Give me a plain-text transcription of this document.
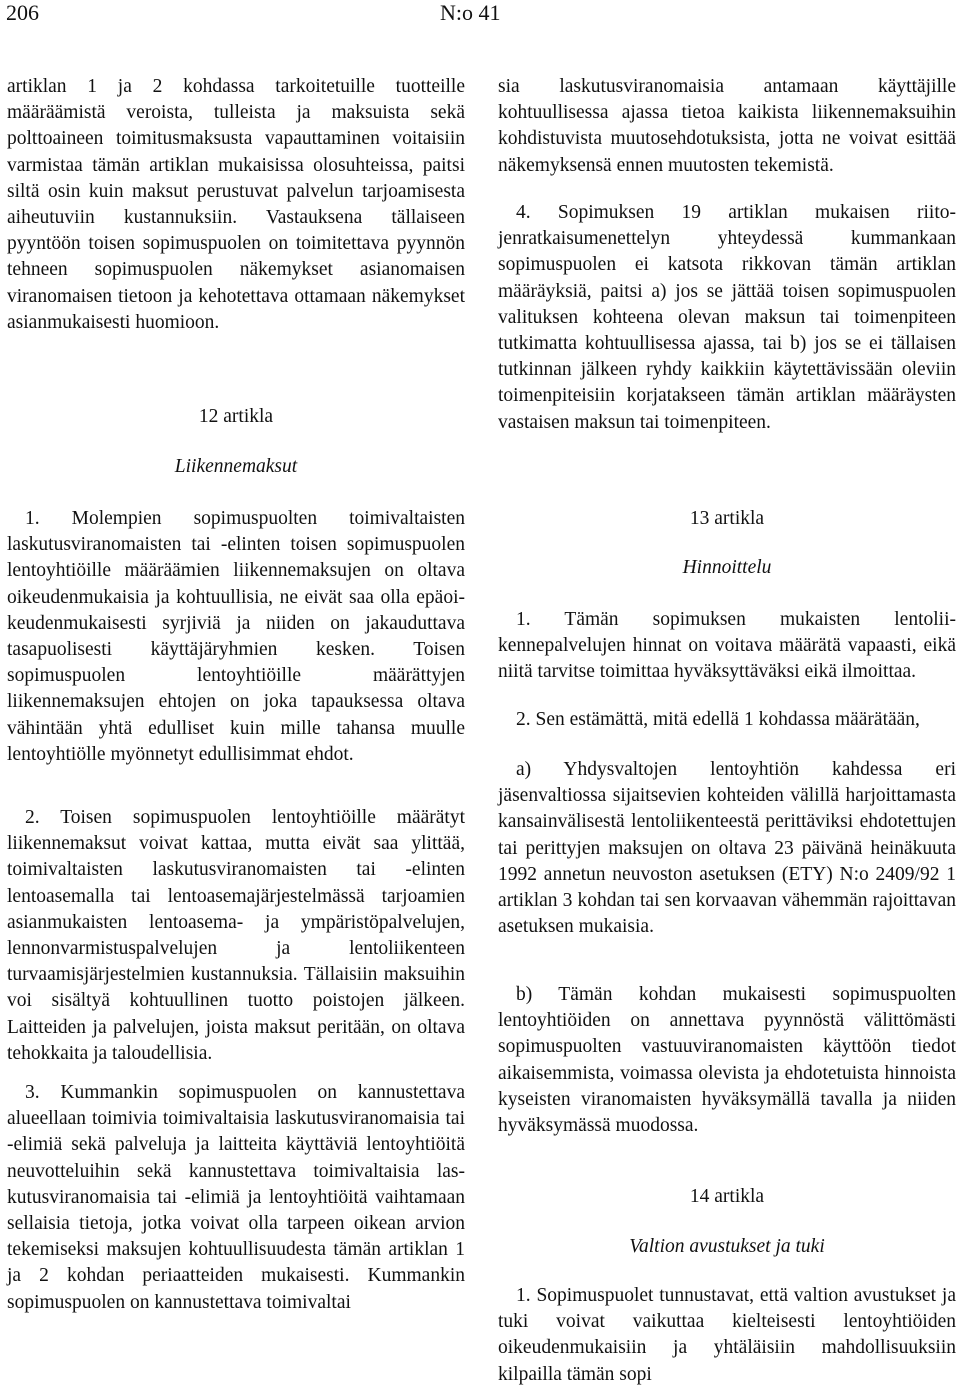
206	N:o 41

artiklan 1 ja 2 kohdassa tarkoitetuille tuotteille määräämistä veroista, tulleista ja maksuista sekä polttoaineen toimitusmaksusta vapauttaminen voitaisiin varmistaa tämän artiklan mukaisissa olosuhteissa, paitsi siltä osin kuin maksut perustuvat palvelun tarjoamisesta aiheutuviin kustannuksiin. Vastauksena tällaiseen pyyntöön toisen sopimuspuolen on toimitettava pyynnön tehneen sopimuspuolen näkemykset asianomaisen viranomaisen tietoon ja kehotettava ottamaan näkemykset asianmukaisesti huomioon.

12 artikla

Liikennemaksut

1. Molempien sopimuspuolten toimivaltaisten laskutusviranomaisten tai -elinten toisen sopimuspuolen lentoyhtiöille määräämien liikennemaksujen on oltava oikeudenmukaisia ja kohtuullisia, ne eivät saa olla epäoikeudenmukaisesti syrjiviä ja niiden on jakauduttava tasapuolisesti käyttäjäryhmien kesken. Toisen sopimuspuolen lentoyhtiöille määrättyjen liikennemaksujen ehtojen on joka tapauksessa oltava vähintään yhtä edulliset kuin mille tahansa muulle lentoyhtiölle myönnetyt edullisimmat ehdot.

2. Toisen sopimuspuolen lentoyhtiöille määrätyt liikennemaksut voivat kattaa, mutta eivät saa ylittää, toimivaltaisten laskutusviranomaisten tai -elinten lentoasemalla tai lentoasemajärjestelmässä tarjoamien asianmukaisten lentoasema- ja ympäristöpalvelujen, lennonvarmistuspalvelujen ja lentoliikenteen turvaamisjärjestelmien kustannuksia. Tällaisiin maksuihin voi sisältyä kohtuullinen tuotto poistojen jälkeen. Laitteiden ja palvelujen, joista maksut peritään, on oltava tehokkaita ja taloudellisia.

3. Kummankin sopimuspuolen on kannustettava alueellaan toimivia toimivaltaisia laskutusviranomaisia tai -elimiä sekä palveluja ja laitteita käyttäviä lentoyhtiöitä neuvotteluihin sekä kannustettava toimivaltaisia laskutusviranomaisia tai -elimiä ja lentoyhtiöitä vaihtamaan sellaisia tietoja, jotka voivat olla tarpeen oikean arvion tekemiseksi maksujen kohtuullisuudesta tämän artiklan 1 ja 2 kohdan periaatteiden mukaisesti. Kummankin sopimuspuolen on kannustettava toimivaltai

sia laskutusviranomaisia antamaan käyttäjille kohtuullisessa ajassa tietoa kaikista liikennemaksuihin kohdistuvista muutosehdotuksista, jotta ne voivat esittää näkemyksensä ennen muutosten tekemistä.

4. Sopimuksen 19 artiklan mukaisen riitojenratkaisumenettelyn yhteydessä kummankaan sopimuspuolen ei katsota rikkovan tämän artiklan määräyksiä, paitsi a) jos se jättää toisen sopimuspuolen valituksen kohteena olevan maksun tai toimenpiteen tutkimatta kohtuullisessa ajassa, tai b) jos se ei tällaisen tutkinnan jälkeen ryhdy kaikkiin käytettävissään oleviin toimenpiteisiin korjatakseen tämän artiklan määräysten vastaisen maksun tai toimenpiteen.

13 artikla

Hinnoittelu

1. Tämän sopimuksen mukaisten lentoliikennepalvelujen hinnat on voitava määrätä vapaasti, eikä niitä tarvitse toimittaa hyväksyttäväksi eikä ilmoittaa.

2. Sen estämättä, mitä edellä 1 kohdassa määrätään,

a) Yhdysvaltojen lentoyhtiön kahdessa eri jäsenvaltiossa sijaitsevien kohteiden välillä harjoittamasta kansainvälisestä lentoliikenteestä perittäviksi ehdotettujen tai perittyjen maksujen on oltava 23 päivänä heinäkuuta 1992 annetun neuvoston asetuksen (ETY) N:o 2409/92 1 artiklan 3 kohdan tai sen korvaavan vähemmän rajoittavan asetuksen mukaisia.

b) Tämän kohdan mukaisesti sopimuspuolten lentoyhtiöiden on annettava pyynnöstä välittömästi sopimuspuolten vastuuviranomaisten käyttöön tiedot aikaisemmista, voimassa olevista ja ehdotetuista hinnoista kyseisten viranomaisten hyväksymällä tavalla ja niiden hyväksymässä muodossa.

14 artikla

Valtion avustukset ja tuki

1. Sopimuspuolet tunnustavat, että valtion avustukset ja tuki voivat vaikuttaa kielteisesti lentoyhtiöiden oikeudenmukaisiin ja yhtäläisiin mahdollisuuksiin kilpailla tämän sopi
